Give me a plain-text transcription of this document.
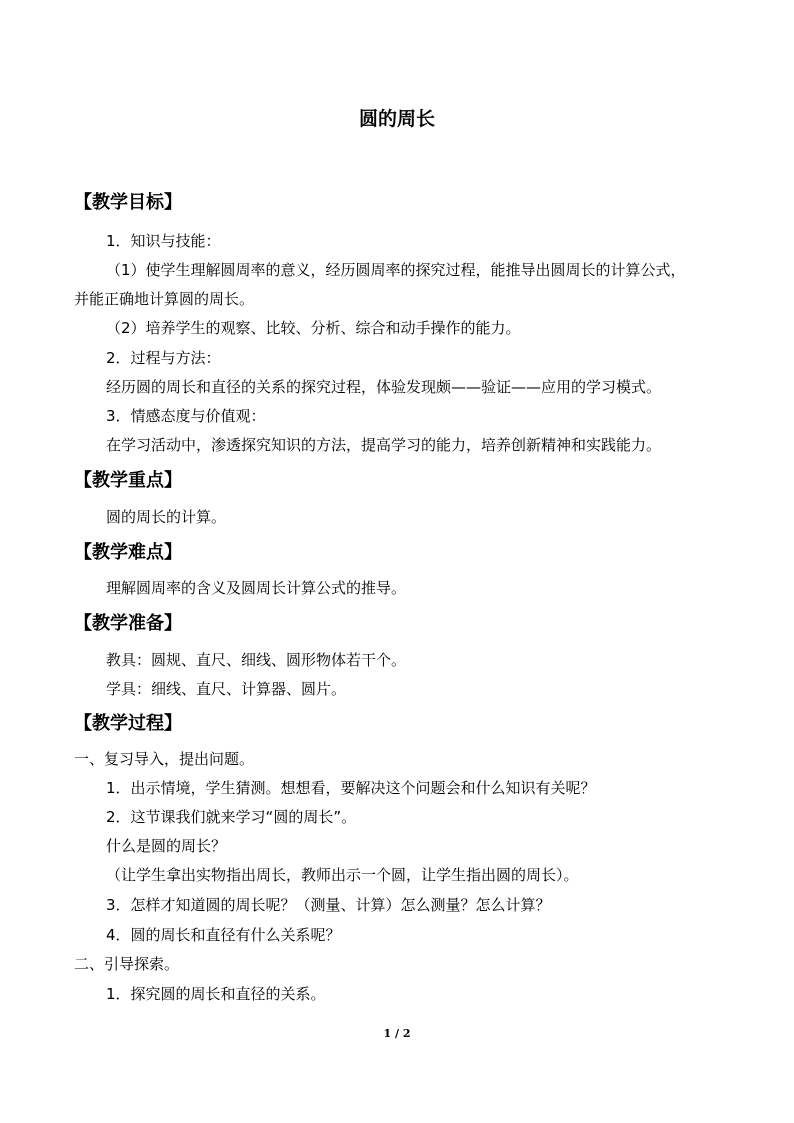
圆的周长
【教学目标】
1．知识与技能：
（1）使学生理解圆周率的意义，经历圆周率的探究过程，能推导出圆周长的计算公式，
并能正确地计算圆的周长。
（2）培养学生的观察、比较、分析、综合和动手操作的能力。
2．过程与方法：
经历圆的周长和直径的关系的探究过程，体验发现颇——验证——应用的学习模式。
3．情感态度与价值观：
在学习活动中，渗透探究知识的方法，提高学习的能力，培养创新精神和实践能力。
【教学重点】
圆的周长的计算。
【教学难点】
理解圆周率的含义及圆周长计算公式的推导。
【教学准备】
教具：圆规、直尺、细线、圆形物体若干个。
学具：细线、直尺、计算器、圆片。
【教学过程】
一、复习导入，提出问题。
1．出示情境，学生猜测。想想看，要解决这个问题会和什么知识有关呢？
2．这节课我们就来学习“圆的周长”。
什么是圆的周长？
（让学生拿出实物指出周长，教师出示一个圆，让学生指出圆的周长）。
3．怎样才知道圆的周长呢？（测量、计算）怎么测量？怎么计算？
4．圆的周长和直径有什么关系呢？
二、引导探索。
1．探究圆的周长和直径的关系。
1 / 2
